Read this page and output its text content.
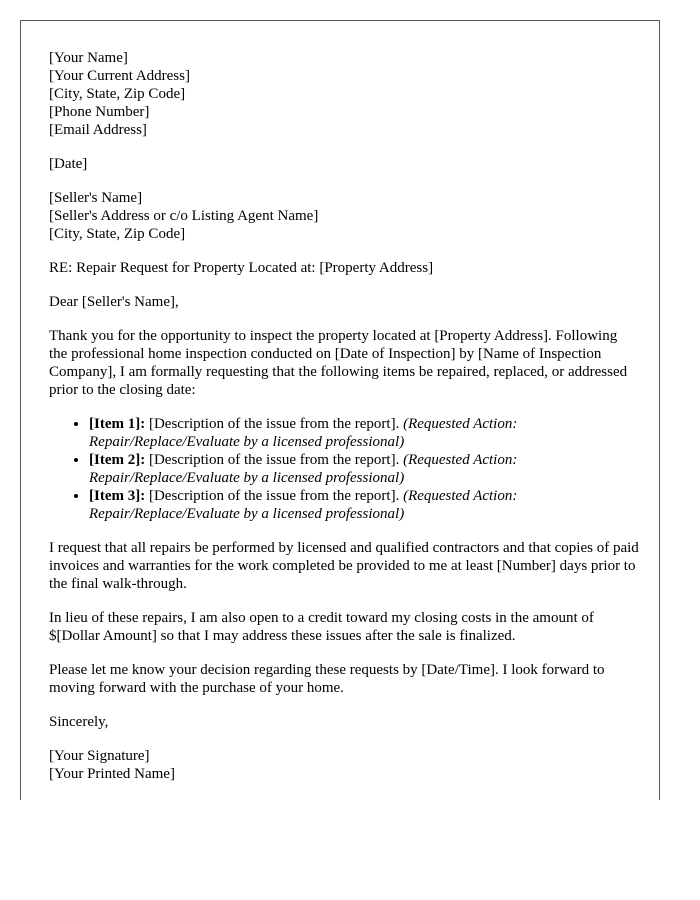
[Your Name]
[Your Current Address]
[City, State, Zip Code]
[Phone Number]
[Email Address]
[Date]
[Seller's Name]
[Seller's Address or c/o Listing Agent Name]
[City, State, Zip Code]

RE: Repair Request for Property Located at: [Property Address]

Dear [Seller's Name],

Thank you for the opportunity to inspect the property located at [Property Address]. Following the professional home inspection conducted on [Date of Inspection] by [Name of Inspection Company], I am formally requesting that the following items be repaired, replaced, or addressed prior to the closing date:

• [Item 1]: [Description of the issue from the report]. (Requested Action: Repair/Replace/Evaluate by a licensed professional)
• [Item 2]: [Description of the issue from the report]. (Requested Action: Repair/Replace/Evaluate by a licensed professional)
• [Item 3]: [Description of the issue from the report]. (Requested Action: Repair/Replace/Evaluate by a licensed professional)

I request that all repairs be performed by licensed and qualified contractors and that copies of paid invoices and warranties for the work completed be provided to me at least [Number] days prior to the final walk-through.

In lieu of these repairs, I am also open to a credit toward my closing costs in the amount of $[Dollar Amount] so that I may address these issues after the sale is finalized.

Please let me know your decision regarding these requests by [Date/Time]. I look forward to moving forward with the purchase of your home.

Sincerely,

[Your Signature]
[Your Printed Name]
